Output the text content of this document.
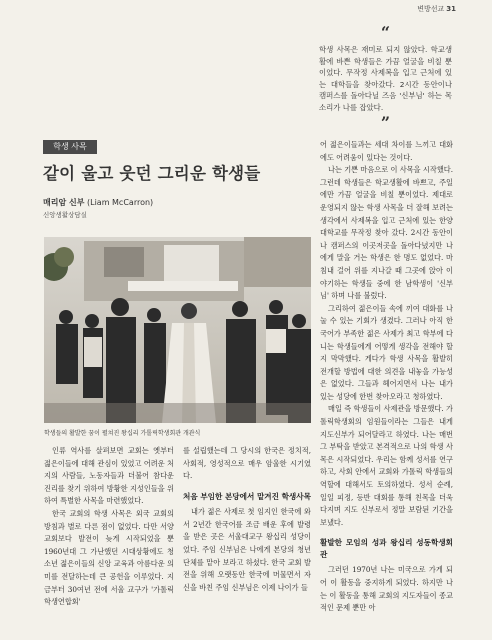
변방선교 31
“
학생 사목은 재미로 되지 않았다. 학교생활에 바쁜 학생들은 가끔 얼굴을 비칠 뿐이었다. 무작정 사제복을 입고 근처에 있는 대학들을 찾아갔다. 2시간 동안이나 캠퍼스를 돌아다닐 즈음 '신부님' 하는 목소리가 나를 잡았다.
”
학생 사목
같이 울고 웃던 그리운 학생들
매리암 신부 (Liam McCarron)
신앙생활상담실
학생들의 활발한 꿈이 펼쳐진 왕십리 가톨릭학생회관 개관식

인류 역사를 살펴보면 교회는 옛부터 젊은이들에 대해 관심이 있었고 어려운 처지의 사람들, 노동자들과 더불어 참다운 진리를 찾기 위하여 방황한 지성인들을 위하여 특별한 사목을 마련했었다.

한국 교회의 학생 사목은 외국 교회의 방침과 별로 다른 점이 없었다. 다만 서양 교회보다 발전이 늦게 시작되었을 뿐 1960년대 그 가난했던 시대상황에도 청소년 젊은이들의 신앙 교육과 아름다운 의미를 전달하는데 큰 공헌을 이루었다. 지금부터 30여년 전에 서울 교구가 '가톨릭학생연합회'

를 설립했는데 그 당시의 한국은 정치적, 사회적, 영성적으로 매우 암울한 시기였다.

처음 부임한 본당에서 맡겨진 학생사목

내가 젊은 사제로 첫 임지인 한국에 와서 2년간 한국어를 조금 배운 후에 발령을 받은 곳은 서울대교구 왕십리 성당이었다. 주임 신부님은 나에게 본당의 청년 단체를 맡아 보라고 하셨다. 한국 교회 발전을 위해 오랫동안 한국에 머물면서 자신을 바친 주임 신부님은 이제 나이가 들

어 젊은이들과는 세대 차이를 느끼고 대화에도 어려움이 있다는 것이다.

나는 기쁜 마음으로 이 사목을 시작했다. 그런데 학생들은 학교생활에 바쁘고, 주일에만 가끔 얼굴을 비칠 뿐이었다. 제대로 운영되지 않는 학생 사목을 더 잘해 보려는 생각에서 사제복을 입고 근처에 있는 한양 대학교를 무작정 찾아 갔다. 2시간 동안이나 캠퍼스의 이곳저곳을 돌아다녔지만 나에게 말을 거는 학생은 한 명도 없었다. 마침내 걸어 위를 지나갈 때 그곳에 앉아 이야기하는 학생들 중에 한 남학생이 '신부님' 하며 나를 불렀다.

그리하여 젊은이들 속에 끼여 대화를 나눌 수 있는 기회가 생겼다. 그러나 아직 한국어가 부족한 젊은 사제가 최고 학부에 다니는 학생들에게 어떻게 생각을 전해야 할지 막막했다. 게다가 학생 사목을 활발히 전개할 방법에 대한 의견을 내놓을 가능성은 없었다. 그들과 헤어지면서 나는 내가 있는 성당에 한번 찾아오라고 청하였다.

매일 즉 학생들이 사제관을 방문했다. 가톨릭학생회의 임원들이라는 그들은 내게 지도신부가 되어달라고 하였다. 나는 매번 그 부탁을 받았고 본격적으로 나의 학생 사목은 시작되었다. 우리는 함께 성서를 연구하고, 사회 안에서 교회와 가톨릭 학생들의 역할에 대해서도 토의하였다. 성서 순례, 일일 피정, 등반 대회를 통해 친목을 더욱 다지며 지도 신부로서 정말 보람된 기간을 보냈다.

활발한 모임의 성과 왕십리 성동학생회관

그러던 1970년 나는 미국으로 가게 되어 이 활동을 중지하게 되었다. 하지만 나는 이 활동을 통해 교회의 지도자들이 종교적인 문제 뿐만 아
